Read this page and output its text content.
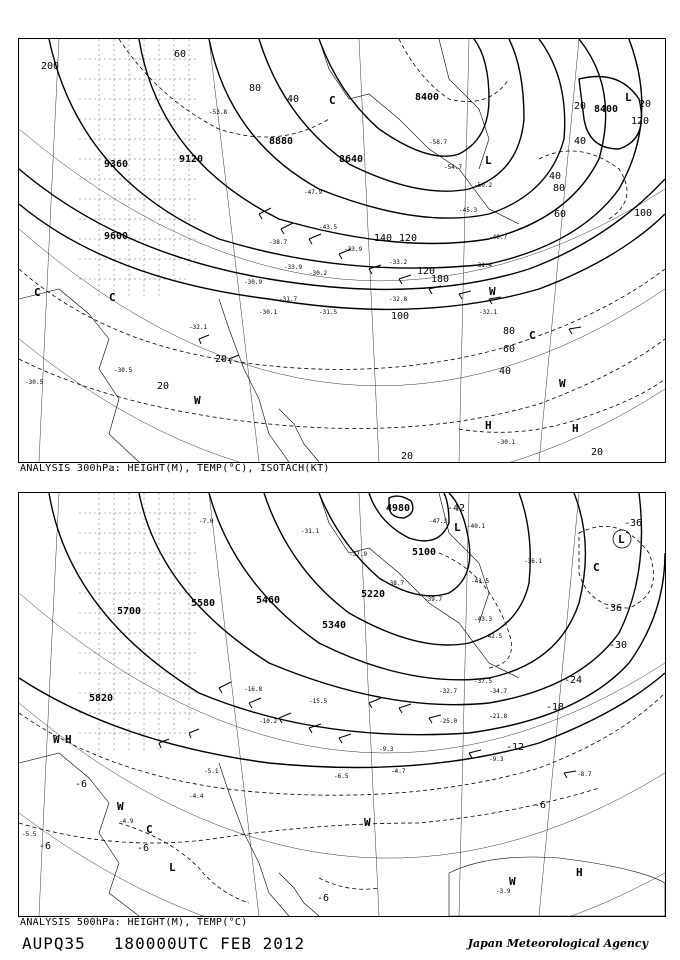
9600
9360	9120
8880
8640
8400
8400
200
60
80
40
20
40
120
100
80
60
40
20
20
20
140 120
180
120
100
80
60
40
20	20
L
L
C
C	C
H	H
W
W
C
W
-43.5
-38.7
-33.2
-30.9
-32.8
-31.5
-31.7
-30.1
-32.1
-30.5
-30.5
-45.3
-40.7
-33.9
-33.9
-30.2
-31.4
-32.1
-30.1
-50.2
-54.7
-47.9
-53.8
-58.7
ANALYSIS 300hPa: HEIGHT(M), TEMP(°C), ISOTACH(KT)
5700
5580	5460
5340
5220
5100
4980
5820
-42
-36
-36
-30
-24
-18
-12
-6
-6
-6
-6
-6
L
L
C
C
W
W
W
W
H
H
L
-38.7	-41.5
-39.7
-43.3
-42.5
-37.5
-34.7
-32.7
-25.0
-21.8
-16.8
-15.5
-10.2
-9.3
-9.3
-6.5
-4.7	-8.7
-3.9
-5.1
-4.4
-4.9
-5.5
-7.0
-36.1
-40.1
-47.3
-37.9
-31.1
ANALYSIS 500hPa: HEIGHT(M), TEMP(°C)
AUPQ35 180000UTC FEB 2012	Japan Meteorological Agency
